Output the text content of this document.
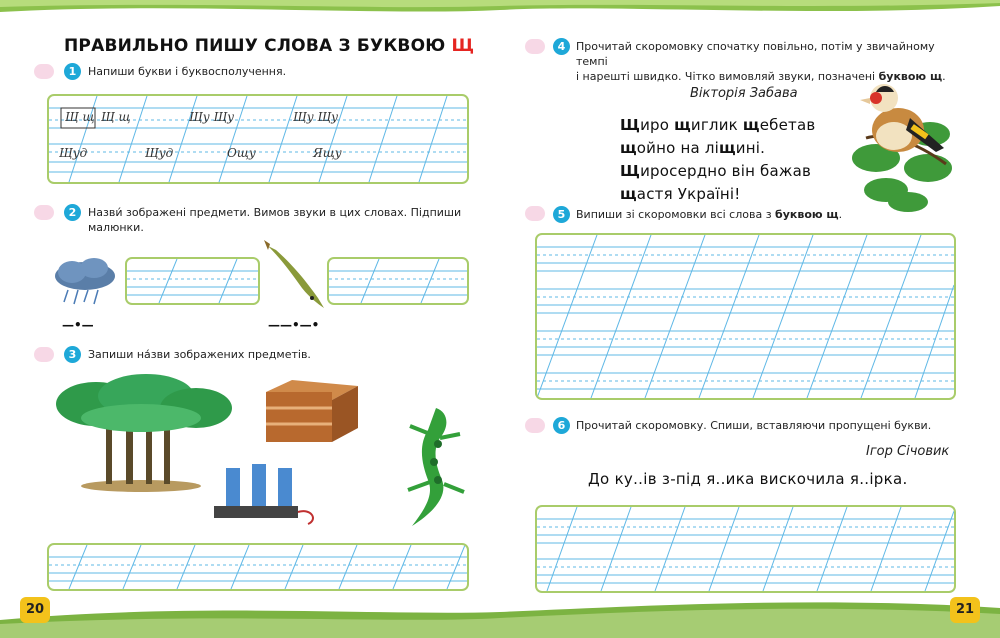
ПРАВИЛЬНО ПИШУ СЛОВА З БУКВОЮ Щ
1	Напиши букви і буквосполучення.
Щ щ Щ щ	Щу Щу	Щу Щу
Щуд	Щуд	Ощу	Ящу
2	Назви́ зображені предмети. Вимов звуки в цих словах. Підпиши малюнки.
—•—	——•—•
3	Запиши на́зви зображених предметів.
20
4 Прочитай скоромовку спочатку повільно, потім у звичайному темпі
і нарешті швидко. Чітко вимовляй звуки, позначені буквою щ.
Вікторія Забава
Щиро щиглик щебетав
щойно на ліщині.
Щиросердно він бажав
щастя Україні!
5 Випиши зі скоромовки всі слова з буквою щ.
6 Прочитай скоромовку. Спиши, вставляючи пропущені букви.
Ігор Січовик
До ку..ів з-під я..ика вискочила я..ірка.
21
